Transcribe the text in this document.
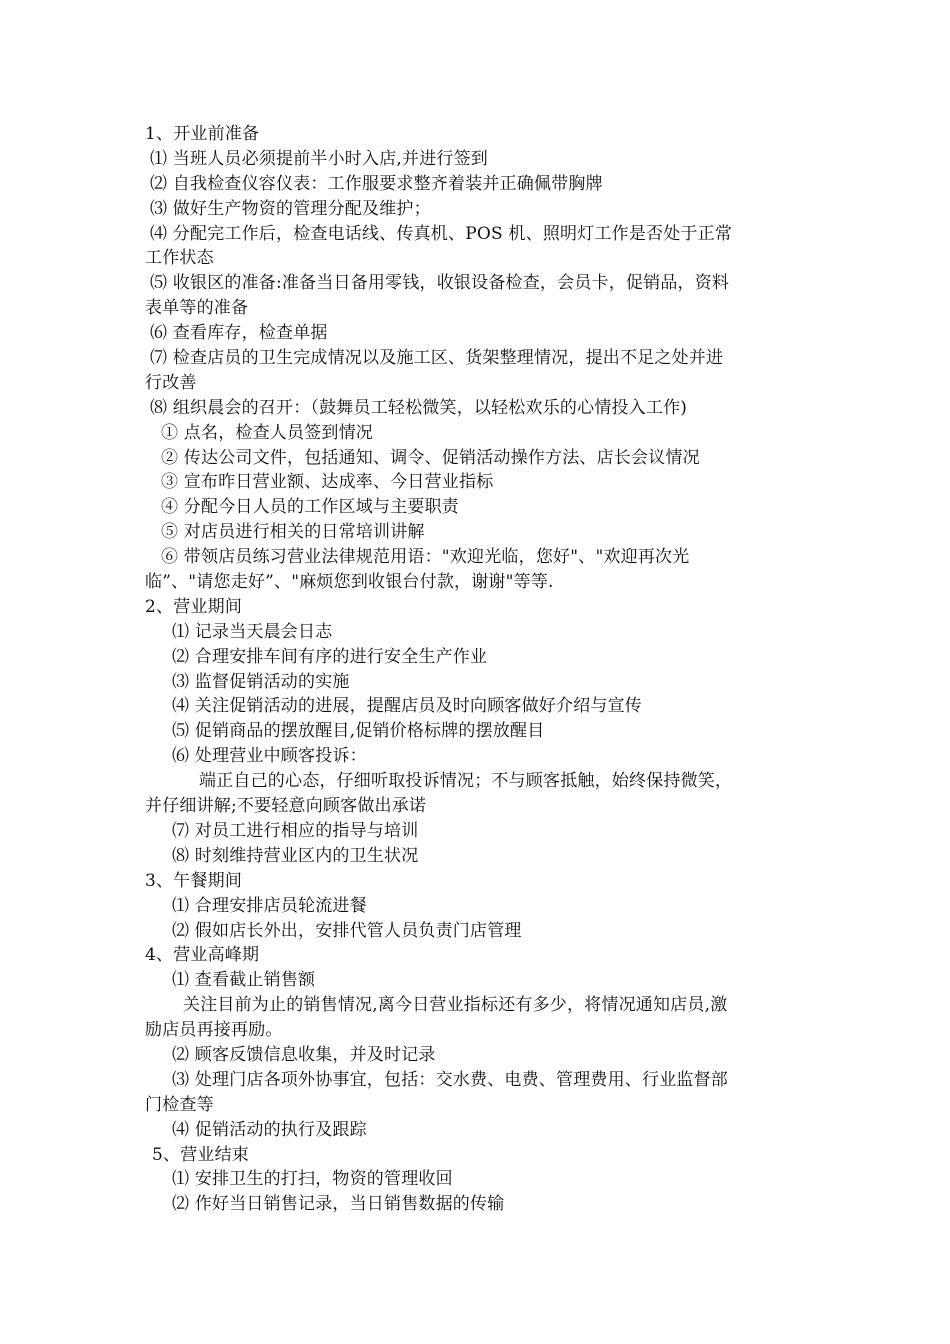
1、开业前准备
⑴ 当班人员必须提前半小时入店,并进行签到
⑵ 自我检查仪容仪表：工作服要求整齐着装并正确佩带胸牌
⑶ 做好生产物资的管理分配及维护；
⑷ 分配完工作后，检查电话线、传真机、POS 机、照明灯工作是否处于正常
工作状态
⑸ 收银区的准备:准备当日备用零钱，收银设备检查，会员卡，促销品，资料
表单等的准备
⑹ 查看库存，检查单据
⑺ 检查店员的卫生完成情况以及施工区、货架整理情况，提出不足之处并进
行改善
⑻ 组织晨会的召开：（鼓舞员工轻松微笑，以轻松欢乐的心情投入工作)
① 点名，检查人员签到情况
② 传达公司文件，包括通知、调令、促销活动操作方法、店长会议情况
③ 宣布昨日营业额、达成率、今日营业指标
④ 分配今日人员的工作区域与主要职责
⑤ 对店员进行相关的日常培训讲解
⑥ 带领店员练习营业法律规范用语："欢迎光临，您好"、"欢迎再次光
临”、"请您走好”、"麻烦您到收银台付款，谢谢"等等.
2、营业期间
⑴ 记录当天晨会日志
⑵ 合理安排车间有序的进行安全生产作业
⑶ 监督促销活动的实施
⑷ 关注促销活动的进展，提醒店员及时向顾客做好介绍与宣传
⑸ 促销商品的摆放醒目,促销价格标牌的摆放醒目
⑹ 处理营业中顾客投诉：
端正自己的心态，仔细听取投诉情况；不与顾客抵触，始终保持微笑，
并仔细讲解;不要轻意向顾客做出承诺
⑺ 对员工进行相应的指导与培训
⑻ 时刻维持营业区内的卫生状况
3、午餐期间
⑴ 合理安排店员轮流进餐
⑵ 假如店长外出，安排代管人员负责门店管理
4、营业高峰期
⑴ 查看截止销售额
关注目前为止的销售情况,离今日营业指标还有多少，将情况通知店员,激
励店员再接再励。
⑵ 顾客反馈信息收集，并及时记录
⑶ 处理门店各项外协事宜，包括：交水费、电费、管理费用、行业监督部
门检查等
⑷ 促销活动的执行及跟踪
5、营业结束
⑴ 安排卫生的打扫，物资的管理收回
⑵ 作好当日销售记录，当日销售数据的传输
